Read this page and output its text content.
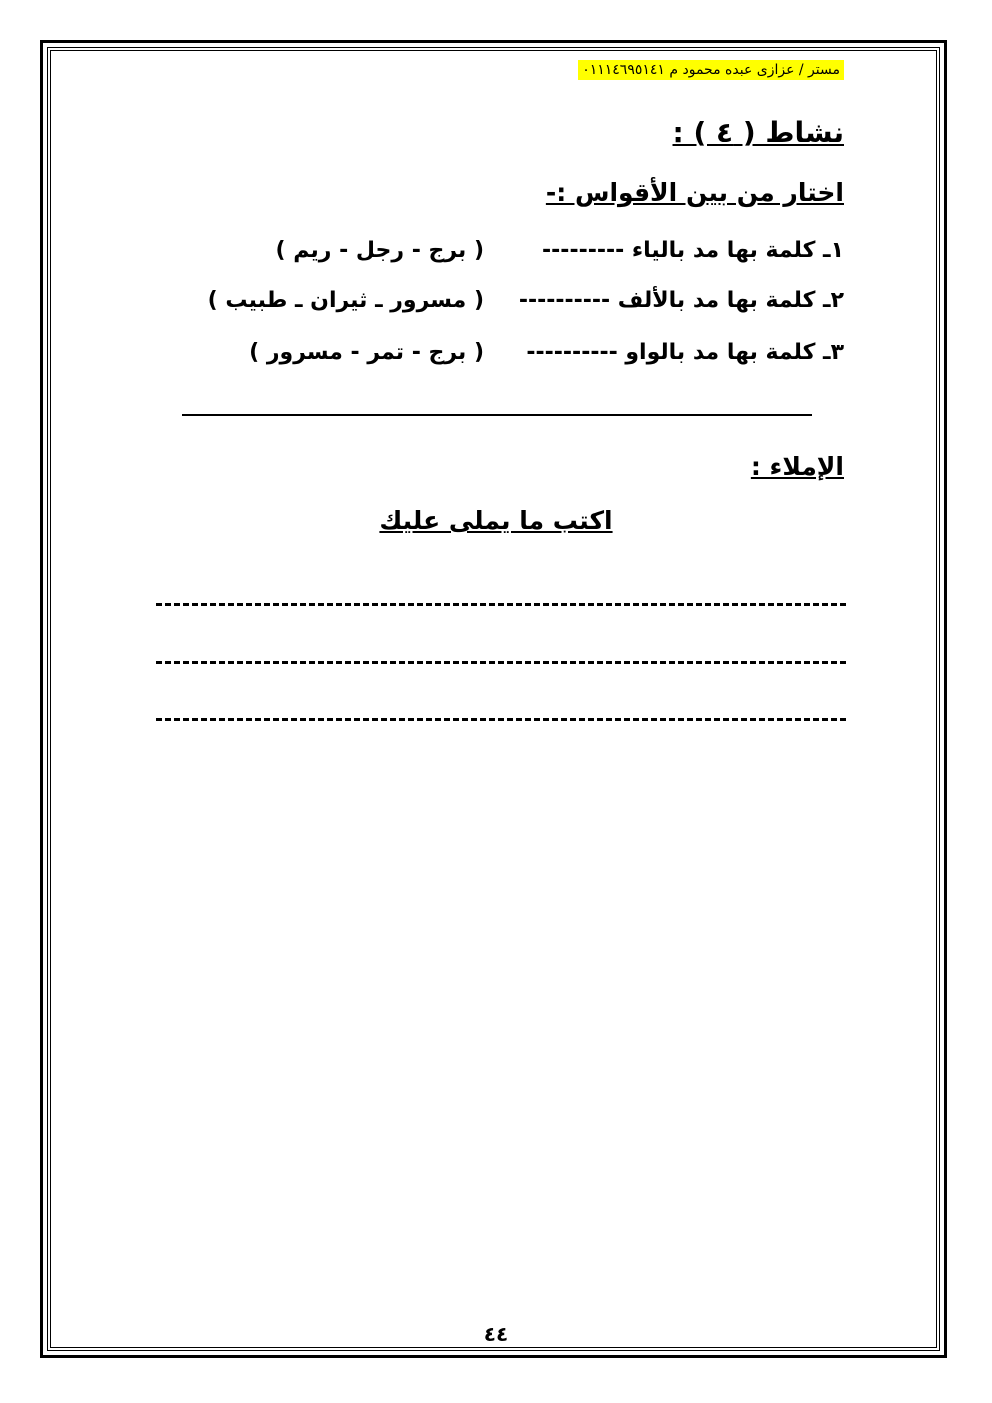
مستر / عزازى عبده محمود م ٠١١١٤٦٩٥١٤١
نشاط ( ٤ ) :
اختار من بين الأقواس :-
١ـ كلمة بها مد بالياء ---------
( برج - رجل - ريم )
٢ـ كلمة بها مد بالألف ----------
( مسرور ـ ثيران ـ طبيب )
٣ـ كلمة بها مد بالواو ----------
( برج - تمر - مسرور )
الإملاء :
اكتب ما يملى عليك
٤٤
